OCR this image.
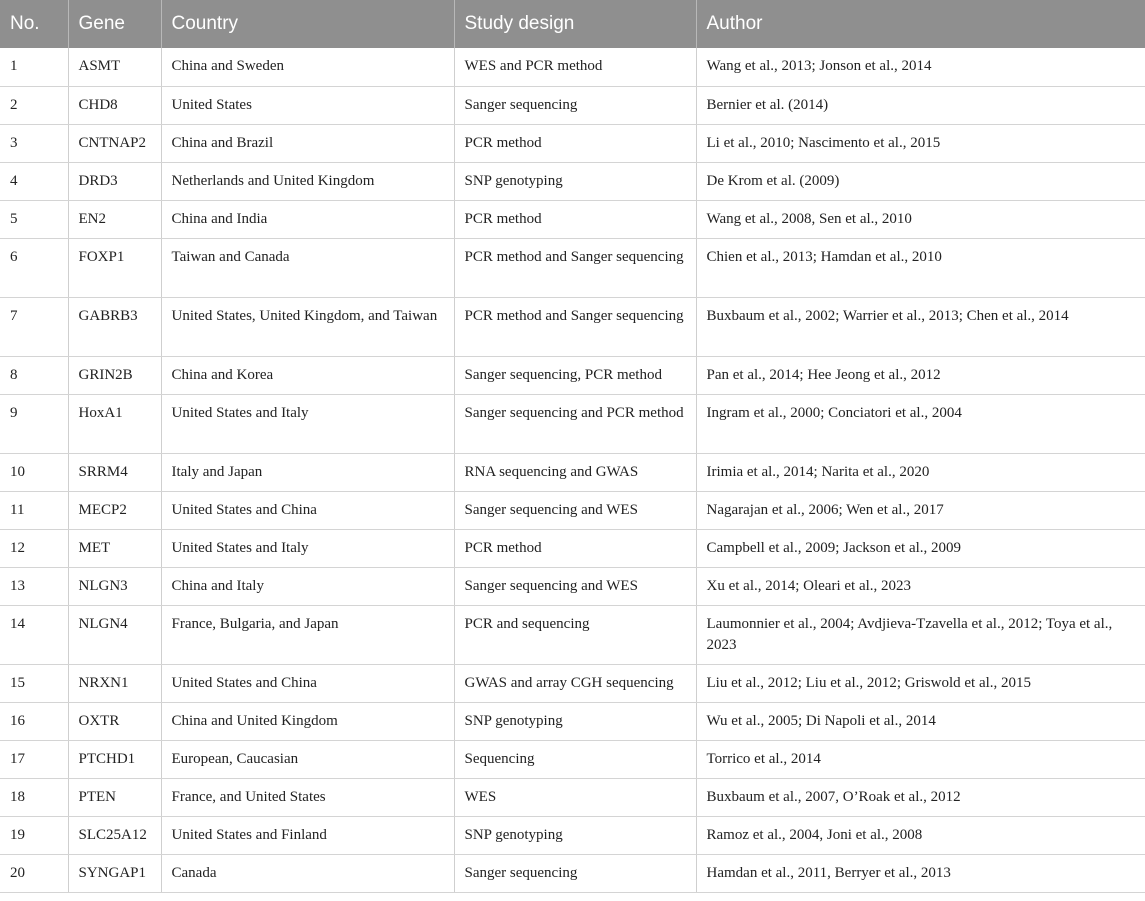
No.	Gene	Country	Study design	Author
1	ASMT	China and Sweden	WES and PCR method	Wang et al., 2013; Jonson et al., 2014
2	CHD8	United States	Sanger sequencing	Bernier et al. (2014)
3	CNTNAP2	China and Brazil	PCR method	Li et al., 2010; Nascimento et al., 2015
4	DRD3	Netherlands and United Kingdom	SNP genotyping	De Krom et al. (2009)
5	EN2	China and India	PCR method	Wang et al., 2008, Sen et al., 2010
6	FOXP1	Taiwan and Canada	PCR method and Sanger sequencing	Chien et al., 2013; Hamdan et al., 2010
7	GABRB3	United States, United Kingdom, and Taiwan	PCR method and Sanger sequencing	Buxbaum et al., 2002; Warrier et al., 2013; Chen et al., 2014
8	GRIN2B	China and Korea	Sanger sequencing, PCR method	Pan et al., 2014; Hee Jeong et al., 2012
9	HoxA1	United States and Italy	Sanger sequencing and PCR method	Ingram et al., 2000; Conciatori et al., 2004
10	SRRM4	Italy and Japan	RNA sequencing and GWAS	Irimia et al., 2014; Narita et al., 2020
11	MECP2	United States and China	Sanger sequencing and WES	Nagarajan et al., 2006; Wen et al., 2017
12	MET	United States and Italy	PCR method	Campbell et al., 2009; Jackson et al., 2009
13	NLGN3	China and Italy	Sanger sequencing and WES	Xu et al., 2014; Oleari et al., 2023
14	NLGN4	France, Bulgaria, and Japan	PCR and sequencing	Laumonnier et al., 2004; Avdjieva-Tzavella et al., 2012; Toya et al., 2023
15	NRXN1	United States and China	GWAS and array CGH sequencing	Liu et al., 2012; Liu et al., 2012; Griswold et al., 2015
16	OXTR	China and United Kingdom	SNP genotyping	Wu et al., 2005; Di Napoli et al., 2014
17	PTCHD1	European, Caucasian	Sequencing	Torrico et al., 2014
18	PTEN	France, and United States	WES	Buxbaum et al., 2007, O’Roak et al., 2012
19	SLC25A12	United States and Finland	SNP genotyping	Ramoz et al., 2004, Joni et al., 2008
20	SYNGAP1	Canada	Sanger sequencing	Hamdan et al., 2011, Berryer et al., 2013
